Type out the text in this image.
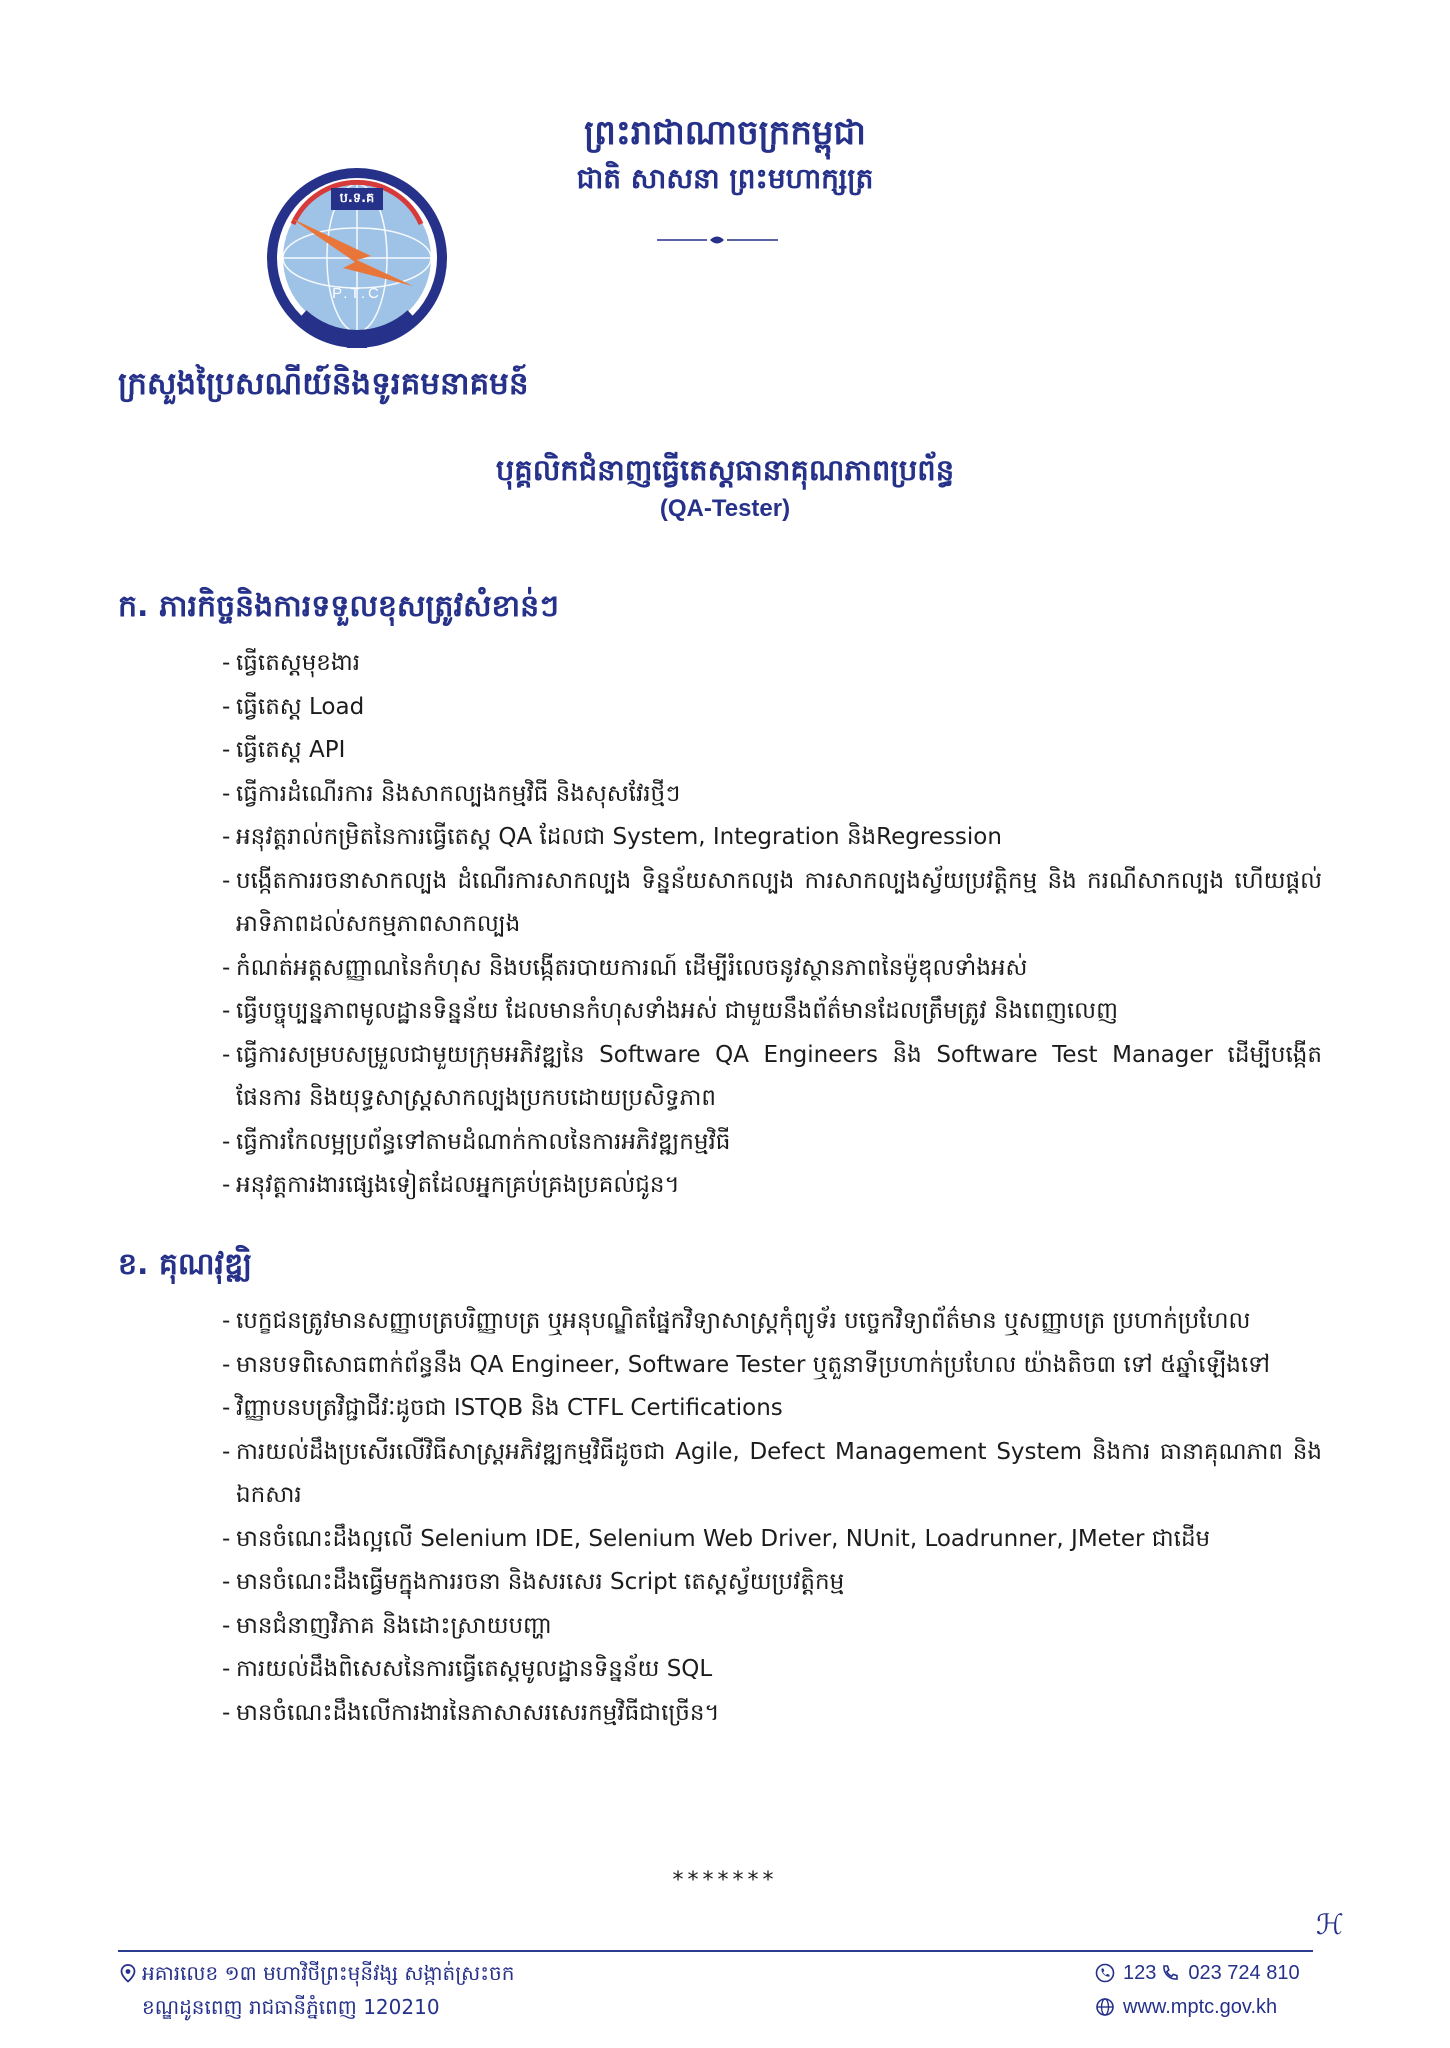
ព្រះរាជាណាចក្រកម្ពុជា
ជាតិ សាសនា ព្រះមហាក្សត្រ
ប.ទ.គ
P.T.C
ក្រសួងប្រៃសណីយ៍និងទូរគមនាគមន៍
បុគ្គលិកជំនាញធ្វើតេស្តធានាគុណភាពប្រព័ន្ធ
(QA-Tester)
ក. ភារកិច្ចនិងការទទួលខុសត្រូវសំខាន់ៗ
- ធ្វើតេស្តមុខងារ
- ធ្វើតេស្ត Load
- ធ្វើតេស្ត API
- ធ្វើការដំណើរការ និងសាកល្បងកម្មវិធី និងសុសវែរថ្មីៗ
- អនុវត្តរាល់កម្រិតនៃការធ្វើតេស្ត QA ដែលជា System, Integration និងRegression
- បង្កើតការរចនាសាកល្បង ដំណើរការសាកល្បង ទិន្នន័យសាកល្បង ការសាកល្បងស្វ័យប្រវត្តិកម្ម និង ករណីសាកល្បង ហើយផ្តល់អាទិភាពដល់សកម្មភាពសាកល្បង
- កំណត់អត្តសញ្ញាណនៃកំហុស និងបង្កើតរបាយការណ៍ ដើម្បីរំលេចនូវស្ថានភាពនៃម៉ូឌុលទាំងអស់
- ធ្វើបច្ចុប្បន្នភាពមូលដ្ឋានទិន្នន័យ ដែលមានកំហុសទាំងអស់ ជាមួយនឹងព័ត៌មានដែលត្រឹមត្រូវ និងពេញលេញ
- ធ្វើការសម្របសម្រួលជាមួយក្រុមអភិវឌ្ឍនៃ Software QA Engineers និង Software Test Manager ដើម្បីបង្កើតផែនការ និងយុទ្ធសាស្ត្រសាកល្បងប្រកបដោយប្រសិទ្ធភាព
- ធ្វើការកែលម្អប្រព័ន្ធទៅតាមដំណាក់កាលនៃការអភិវឌ្ឍកម្មវិធី
- អនុវត្តការងារផ្សេងទៀតដែលអ្នកគ្រប់គ្រងប្រគល់ជូន។
ខ. គុណវុឌ្ឍិ
- បេក្ខជនត្រូវមានសញ្ញាបត្របរិញ្ញាបត្រ ឬអនុបណ្ឌិតផ្នែកវិទ្យាសាស្ត្រកុំព្យូទ័រ បច្ចេកវិទ្យាព័ត៌មាន ឬសញ្ញាបត្រ ប្រហាក់ប្រហែល
- មានបទពិសោធពាក់ព័ន្ធនឹង QA Engineer, Software Tester ឬតួនាទីប្រហាក់ប្រហែល យ៉ាងតិច៣ ទៅ ៥ឆ្នាំឡើងទៅ
- វិញ្ញាបនបត្រវិជ្ជាជីវៈដូចជា ISTQB និង CTFL Certifications
- ការយល់ដឹងប្រសើរលើវិធីសាស្ត្រអភិវឌ្ឍកម្មវិធីដូចជា Agile, Defect Management System និងការ ធានាគុណភាព និងឯកសារ
- មានចំណេះដឹងល្អលើ Selenium IDE, Selenium Web Driver, NUnit, Loadrunner, JMeter ជាដើម
- មានចំណេះដឹងធ្វើមក្នុងការរចនា និងសរសេរ Script តេស្តស្វ័យប្រវត្តិកម្ម
- មានជំនាញវិភាគ និងដោះស្រាយបញ្ហា
- ការយល់ដឹងពិសេសនៃការធ្វើតេស្តមូលដ្ឋានទិន្នន័យ SQL
- មានចំណេះដឹងលើការងារនៃភាសាសរសេរកម្មវិធីជាច្រើន។
*******
ℋ
អគារលេខ ១៣ មហាវិថីព្រះមុនីវង្ស សង្កាត់ស្រះចក
ខណ្ឌដូនពេញ រាជធានីភ្នំពេញ 120210
123 023 724 810
www.mptc.gov.kh
